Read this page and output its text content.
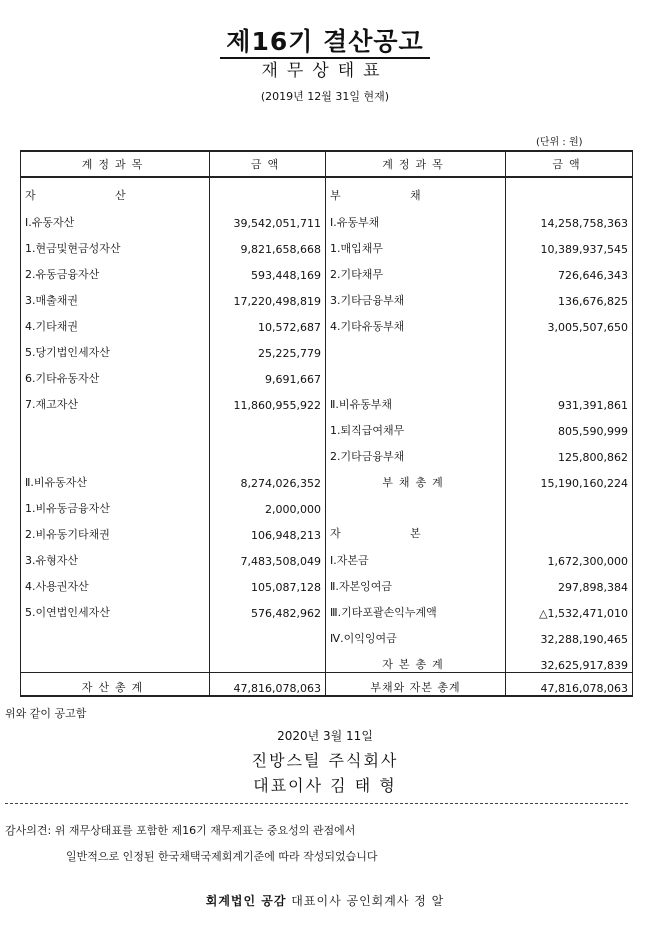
제16기 결산공고
재무상태표
(2019년 12월 31일 현재)
(단위 : 원)
계정과목	금액	계정과목	금액
자 산		부 채	
Ⅰ.유동자산	39,542,051,711	Ⅰ.유동부채	14,258,758,363
1.현금및현금성자산	9,821,658,668	1.매입채무	10,389,937,545
2.유동금융자산	593,448,169	2.기타채무	726,646,343
3.매출채권	17,220,498,819	3.기타금융부채	136,676,825
4.기타채권	10,572,687	4.기타유동부채	3,005,507,650
5.당기법인세자산	25,225,779		
6.기타유동자산	9,691,667		
7.재고자산	11,860,955,922	Ⅱ.비유동부채	931,391,861
		1.퇴직급여채무	805,590,999
		2.기타금융부채	125,800,862
Ⅱ.비유동자산	8,274,026,352	부채총계	15,190,160,224
1.비유동금융자산	2,000,000		
2.비유동기타채권	106,948,213	자 본	
3.유형자산	7,483,508,049	Ⅰ.자본금	1,672,300,000
4.사용권자산	105,087,128	Ⅱ.자본잉여금	297,898,384
5.이연법인세자산	576,482,962	Ⅲ.기타포괄손익누계액	△1,532,471,010
		Ⅳ.이익잉여금	32,288,190,465
		자본총계	32,625,917,839
자산총계	47,816,078,063	부채와 자본 총계	47,816,078,063
위와 같이 공고함
2020년 3월 11일
진방스틸 주식회사
대표이사 김 태 형
감사의견: 위 재무상태표를 포함한 제16기 재무제표는 중요성의 관점에서
일반적으로 인정된 한국채택국제회계기준에 따라 작성되었습니다
회계법인 공감 대표이사 공인회계사 정 알
